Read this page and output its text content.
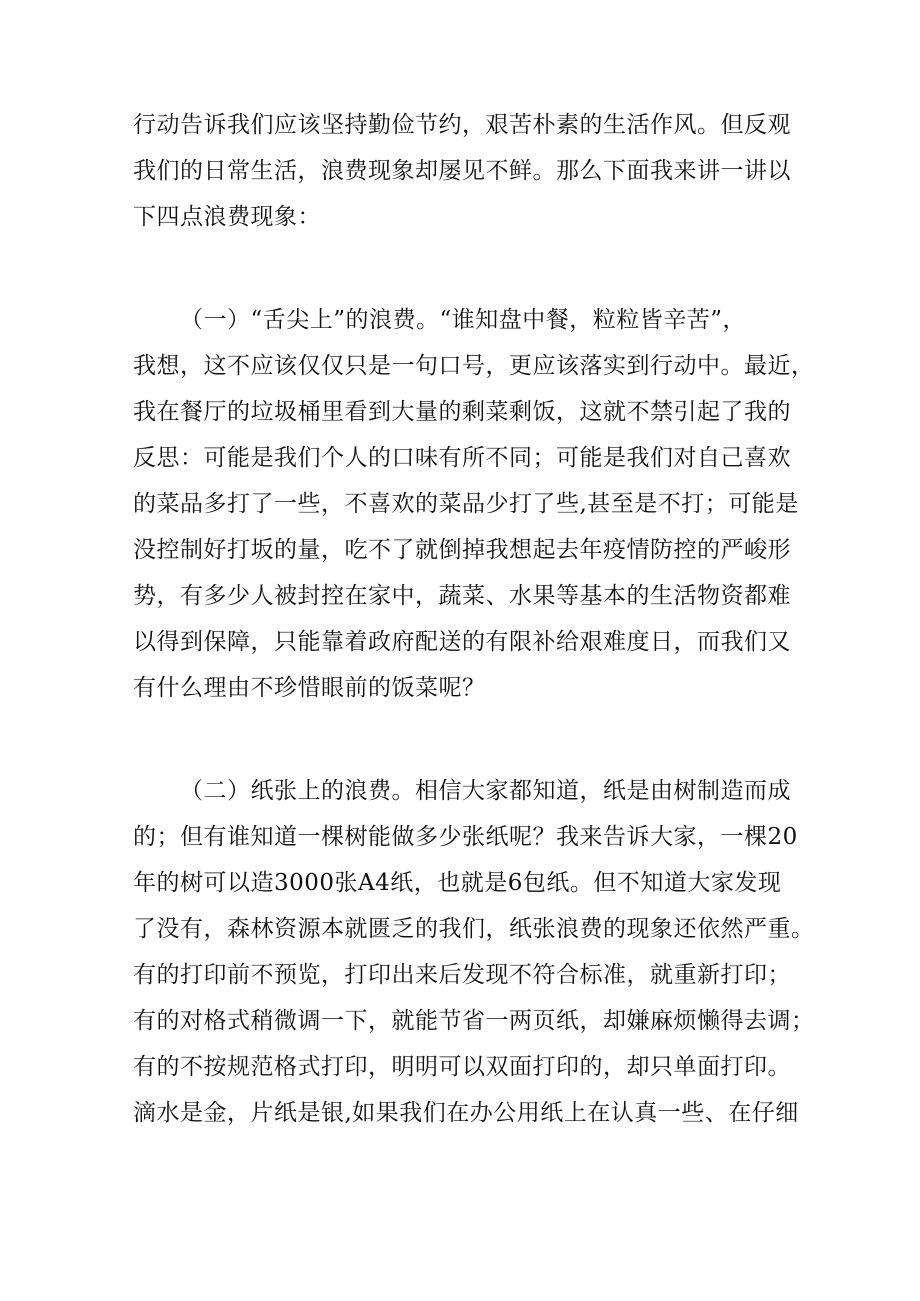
行动告诉我们应该坚持勤俭节约，艰苦朴素的生活作风。但反观
我们的日常生活，浪费现象却屡见不鲜。那么下面我来讲一讲以
下四点浪费现象：
（一）“舌尖上”的浪费。“谁知盘中餐，粒粒皆辛苦”，
我想，这不应该仅仅只是一句口号，更应该落实到行动中。最近，
我在餐厅的垃圾桶里看到大量的剩菜剩饭，这就不禁引起了我的
反思：可能是我们个人的口味有所不同；可能是我们对自己喜欢
的菜品多打了一些，不喜欢的菜品少打了些,甚至是不打；可能是
没控制好打坂的量，吃不了就倒掉我想起去年疫情防控的严峻形
势，有多少人被封控在家中，蔬菜、水果等基本的生活物资都难
以得到保障，只能靠着政府配送的有限补给艰难度日，而我们又
有什么理由不珍惜眼前的饭菜呢？
（二）纸张上的浪费。相信大家都知道，纸是由树制造而成
的；但有谁知道一棵树能做多少张纸呢？我来告诉大家，一棵20
年的树可以造3000张A4纸，也就是6包纸。但不知道大家发现
了没有，森林资源本就匮乏的我们，纸张浪费的现象还依然严重。
有的打印前不预览，打印出来后发现不符合标准，就重新打印；
有的对格式稍微调一下，就能节省一两页纸，却嫌麻烦懒得去调；
有的不按规范格式打印，明明可以双面打印的，却只单面打印。
滴水是金，片纸是银,如果我们在办公用纸上在认真一些、在仔细
